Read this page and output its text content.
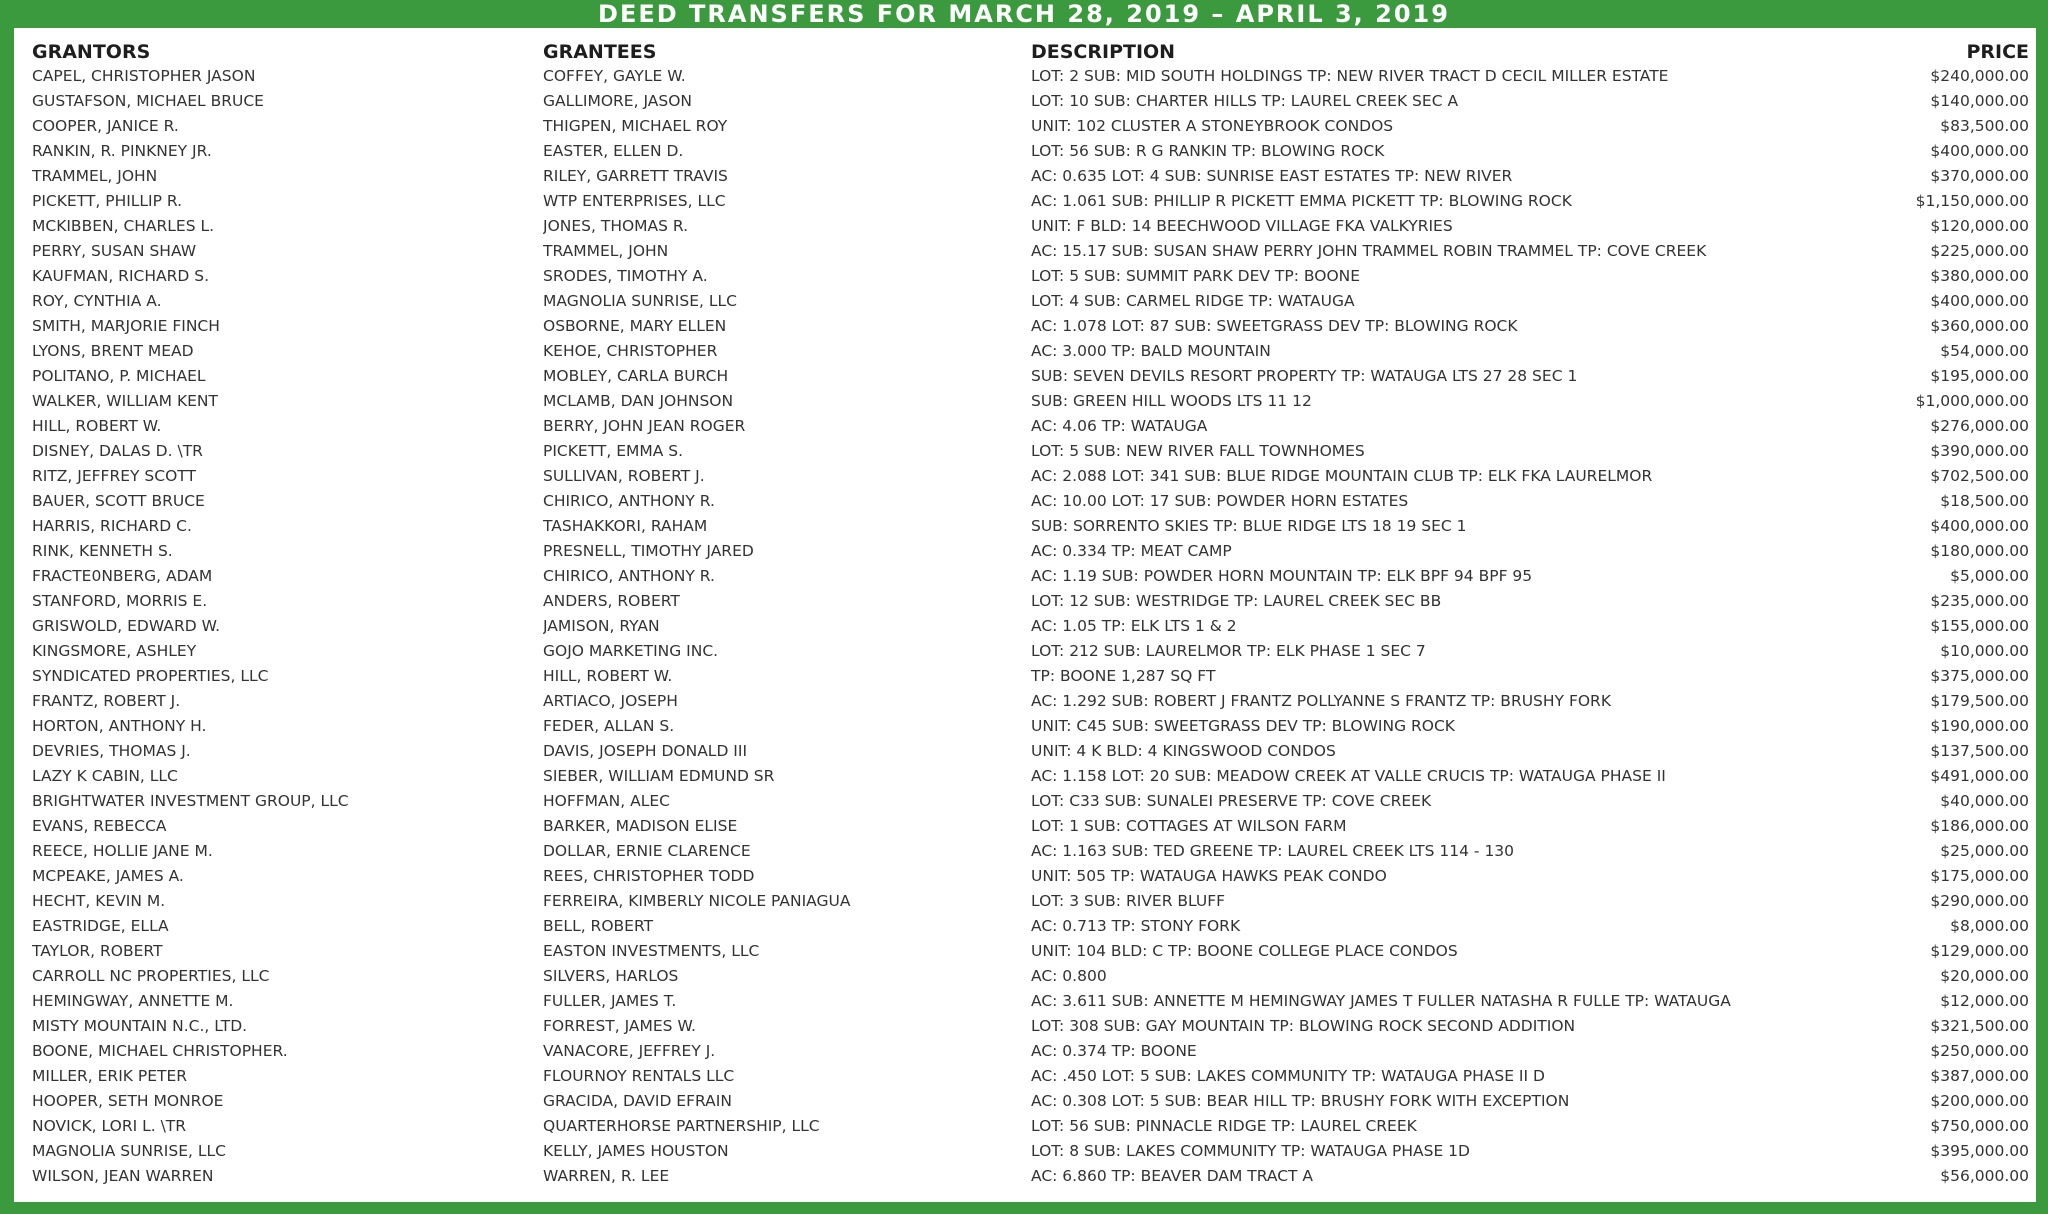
DEED TRANSFERS FOR MARCH 28, 2019 – APRIL 3, 2019
GRANTORS	GRANTEES	DESCRIPTION	PRICE
CAPEL, CHRISTOPHER JASON	COFFEY, GAYLE W.	LOT: 2 SUB: MID SOUTH HOLDINGS TP: NEW RIVER TRACT D CECIL MILLER ESTATE	$240,000.00
GUSTAFSON, MICHAEL BRUCE	GALLIMORE, JASON	LOT: 10 SUB: CHARTER HILLS TP: LAUREL CREEK SEC A	$140,000.00
COOPER, JANICE R.	THIGPEN, MICHAEL ROY	UNIT: 102 CLUSTER A STONEYBROOK CONDOS	$83,500.00
RANKIN, R. PINKNEY JR.	EASTER, ELLEN D.	LOT: 56 SUB: R G RANKIN TP: BLOWING ROCK	$400,000.00
TRAMMEL, JOHN	RILEY, GARRETT TRAVIS	AC: 0.635 LOT: 4 SUB: SUNRISE EAST ESTATES TP: NEW RIVER	$370,000.00
PICKETT, PHILLIP R.	WTP ENTERPRISES, LLC	AC: 1.061 SUB: PHILLIP R PICKETT EMMA PICKETT TP: BLOWING ROCK	$1,150,000.00
MCKIBBEN, CHARLES L.	JONES, THOMAS R.	UNIT: F BLD: 14 BEECHWOOD VILLAGE FKA VALKYRIES	$120,000.00
PERRY, SUSAN SHAW	TRAMMEL, JOHN	AC: 15.17 SUB: SUSAN SHAW PERRY JOHN TRAMMEL ROBIN TRAMMEL TP: COVE CREEK	$225,000.00
KAUFMAN, RICHARD S.	SRODES, TIMOTHY A.	LOT: 5 SUB: SUMMIT PARK DEV TP: BOONE	$380,000.00
ROY, CYNTHIA A.	MAGNOLIA SUNRISE, LLC	LOT: 4 SUB: CARMEL RIDGE TP: WATAUGA	$400,000.00
SMITH, MARJORIE FINCH	OSBORNE, MARY ELLEN	AC: 1.078 LOT: 87 SUB: SWEETGRASS DEV TP: BLOWING ROCK	$360,000.00
LYONS, BRENT MEAD	KEHOE, CHRISTOPHER	AC: 3.000 TP: BALD MOUNTAIN	$54,000.00
POLITANO, P. MICHAEL	MOBLEY, CARLA BURCH	SUB: SEVEN DEVILS RESORT PROPERTY TP: WATAUGA LTS 27 28 SEC 1	$195,000.00
WALKER, WILLIAM KENT	MCLAMB, DAN JOHNSON	SUB: GREEN HILL WOODS LTS 11 12	$1,000,000.00
HILL, ROBERT W.	BERRY, JOHN JEAN ROGER	AC: 4.06 TP: WATAUGA	$276,000.00
DISNEY, DALAS D. \TR	PICKETT, EMMA S.	LOT: 5 SUB: NEW RIVER FALL TOWNHOMES	$390,000.00
RITZ, JEFFREY SCOTT	SULLIVAN, ROBERT J.	AC: 2.088 LOT: 341 SUB: BLUE RIDGE MOUNTAIN CLUB TP: ELK FKA LAURELMOR	$702,500.00
BAUER, SCOTT BRUCE	CHIRICO, ANTHONY R.	AC: 10.00 LOT: 17 SUB: POWDER HORN ESTATES	$18,500.00
HARRIS, RICHARD C.	TASHAKKORI, RAHAM	SUB: SORRENTO SKIES TP: BLUE RIDGE LTS 18 19 SEC 1	$400,000.00
RINK, KENNETH S.	PRESNELL, TIMOTHY JARED	AC: 0.334 TP: MEAT CAMP	$180,000.00
FRACTE0NBERG, ADAM	CHIRICO, ANTHONY R.	AC: 1.19 SUB: POWDER HORN MOUNTAIN TP: ELK BPF 94 BPF 95	$5,000.00
STANFORD, MORRIS E.	ANDERS, ROBERT	LOT: 12 SUB: WESTRIDGE TP: LAUREL CREEK SEC BB	$235,000.00
GRISWOLD, EDWARD W.	JAMISON, RYAN	AC: 1.05 TP: ELK LTS 1 & 2	$155,000.00
KINGSMORE, ASHLEY	GOJO MARKETING INC.	LOT: 212 SUB: LAURELMOR TP: ELK PHASE 1 SEC 7	$10,000.00
SYNDICATED PROPERTIES, LLC	HILL, ROBERT W.	TP: BOONE 1,287 SQ FT	$375,000.00
FRANTZ, ROBERT J.	ARTIACO, JOSEPH	AC: 1.292 SUB: ROBERT J FRANTZ POLLYANNE S FRANTZ TP: BRUSHY FORK	$179,500.00
HORTON, ANTHONY H.	FEDER, ALLAN S.	UNIT: C45 SUB: SWEETGRASS DEV TP: BLOWING ROCK	$190,000.00
DEVRIES, THOMAS J.	DAVIS, JOSEPH DONALD III	UNIT: 4 K BLD: 4 KINGSWOOD CONDOS	$137,500.00
LAZY K CABIN, LLC	SIEBER, WILLIAM EDMUND SR	AC: 1.158 LOT: 20 SUB: MEADOW CREEK AT VALLE CRUCIS TP: WATAUGA PHASE II	$491,000.00
BRIGHTWATER INVESTMENT GROUP, LLC	HOFFMAN, ALEC	LOT: C33 SUB: SUNALEI PRESERVE TP: COVE CREEK	$40,000.00
EVANS, REBECCA	BARKER, MADISON ELISE	LOT: 1 SUB: COTTAGES AT WILSON FARM	$186,000.00
REECE, HOLLIE JANE M.	DOLLAR, ERNIE CLARENCE	AC: 1.163 SUB: TED GREENE TP: LAUREL CREEK LTS 114 - 130	$25,000.00
MCPEAKE, JAMES A.	REES, CHRISTOPHER TODD	UNIT: 505 TP: WATAUGA HAWKS PEAK CONDO	$175,000.00
HECHT, KEVIN M.	FERREIRA, KIMBERLY NICOLE PANIAGUA	LOT: 3 SUB: RIVER BLUFF	$290,000.00
EASTRIDGE, ELLA	BELL, ROBERT	AC: 0.713 TP: STONY FORK	$8,000.00
TAYLOR, ROBERT	EASTON INVESTMENTS, LLC	UNIT: 104 BLD: C TP: BOONE COLLEGE PLACE CONDOS	$129,000.00
CARROLL NC PROPERTIES, LLC	SILVERS, HARLOS	AC: 0.800	$20,000.00
HEMINGWAY, ANNETTE M.	FULLER, JAMES T.	AC: 3.611 SUB: ANNETTE M HEMINGWAY JAMES T FULLER NATASHA R FULLE TP: WATAUGA	$12,000.00
MISTY MOUNTAIN N.C., LTD.	FORREST, JAMES W.	LOT: 308 SUB: GAY MOUNTAIN TP: BLOWING ROCK SECOND ADDITION	$321,500.00
BOONE, MICHAEL CHRISTOPHER.	VANACORE, JEFFREY J.	AC: 0.374 TP: BOONE	$250,000.00
MILLER, ERIK PETER	FLOURNOY RENTALS LLC	AC: .450 LOT: 5 SUB: LAKES COMMUNITY TP: WATAUGA PHASE II D	$387,000.00
HOOPER, SETH MONROE	GRACIDA, DAVID EFRAIN	AC: 0.308 LOT: 5 SUB: BEAR HILL TP: BRUSHY FORK WITH EXCEPTION	$200,000.00
NOVICK, LORI L. \TR	QUARTERHORSE PARTNERSHIP, LLC	LOT: 56 SUB: PINNACLE RIDGE TP: LAUREL CREEK	$750,000.00
MAGNOLIA SUNRISE, LLC	KELLY, JAMES HOUSTON	LOT: 8 SUB: LAKES COMMUNITY TP: WATAUGA PHASE 1D	$395,000.00
WILSON, JEAN WARREN	WARREN, R. LEE	AC: 6.860 TP: BEAVER DAM TRACT A	$56,000.00
